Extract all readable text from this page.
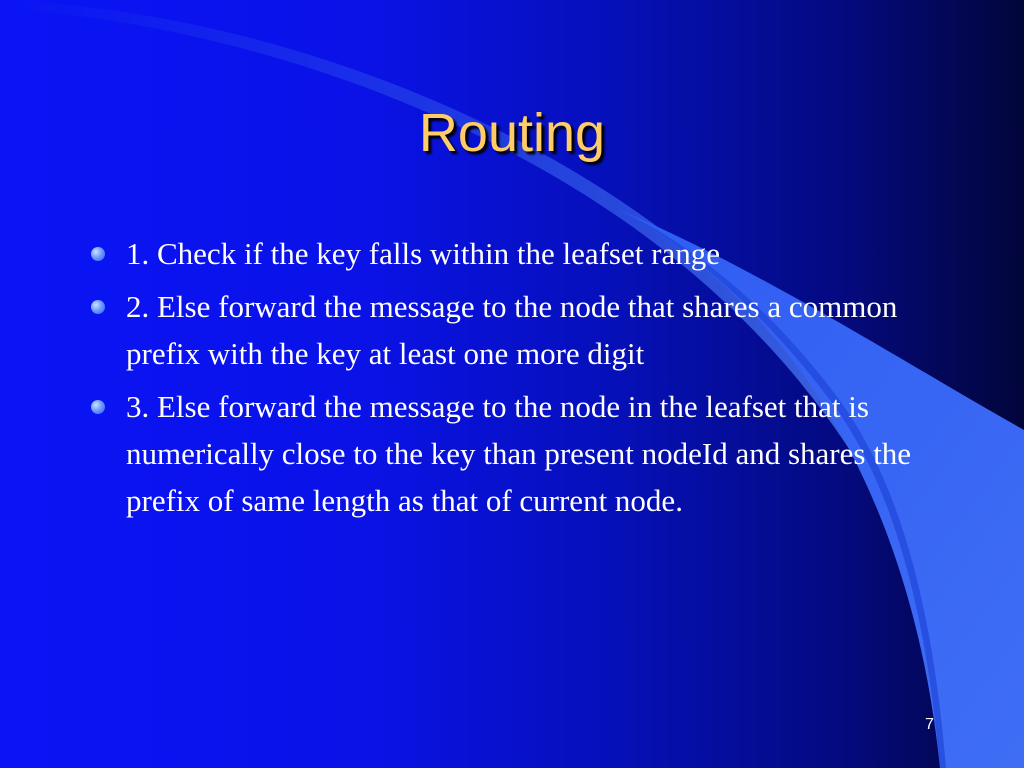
Routing
1. Check if the key falls within the leafset range
2. Else forward the message to the node that shares a common prefix with the key at least one more digit
3. Else forward the message to the node in the leafset that is numerically close to the key than present nodeId and shares the prefix of same length as that of current node.
7
